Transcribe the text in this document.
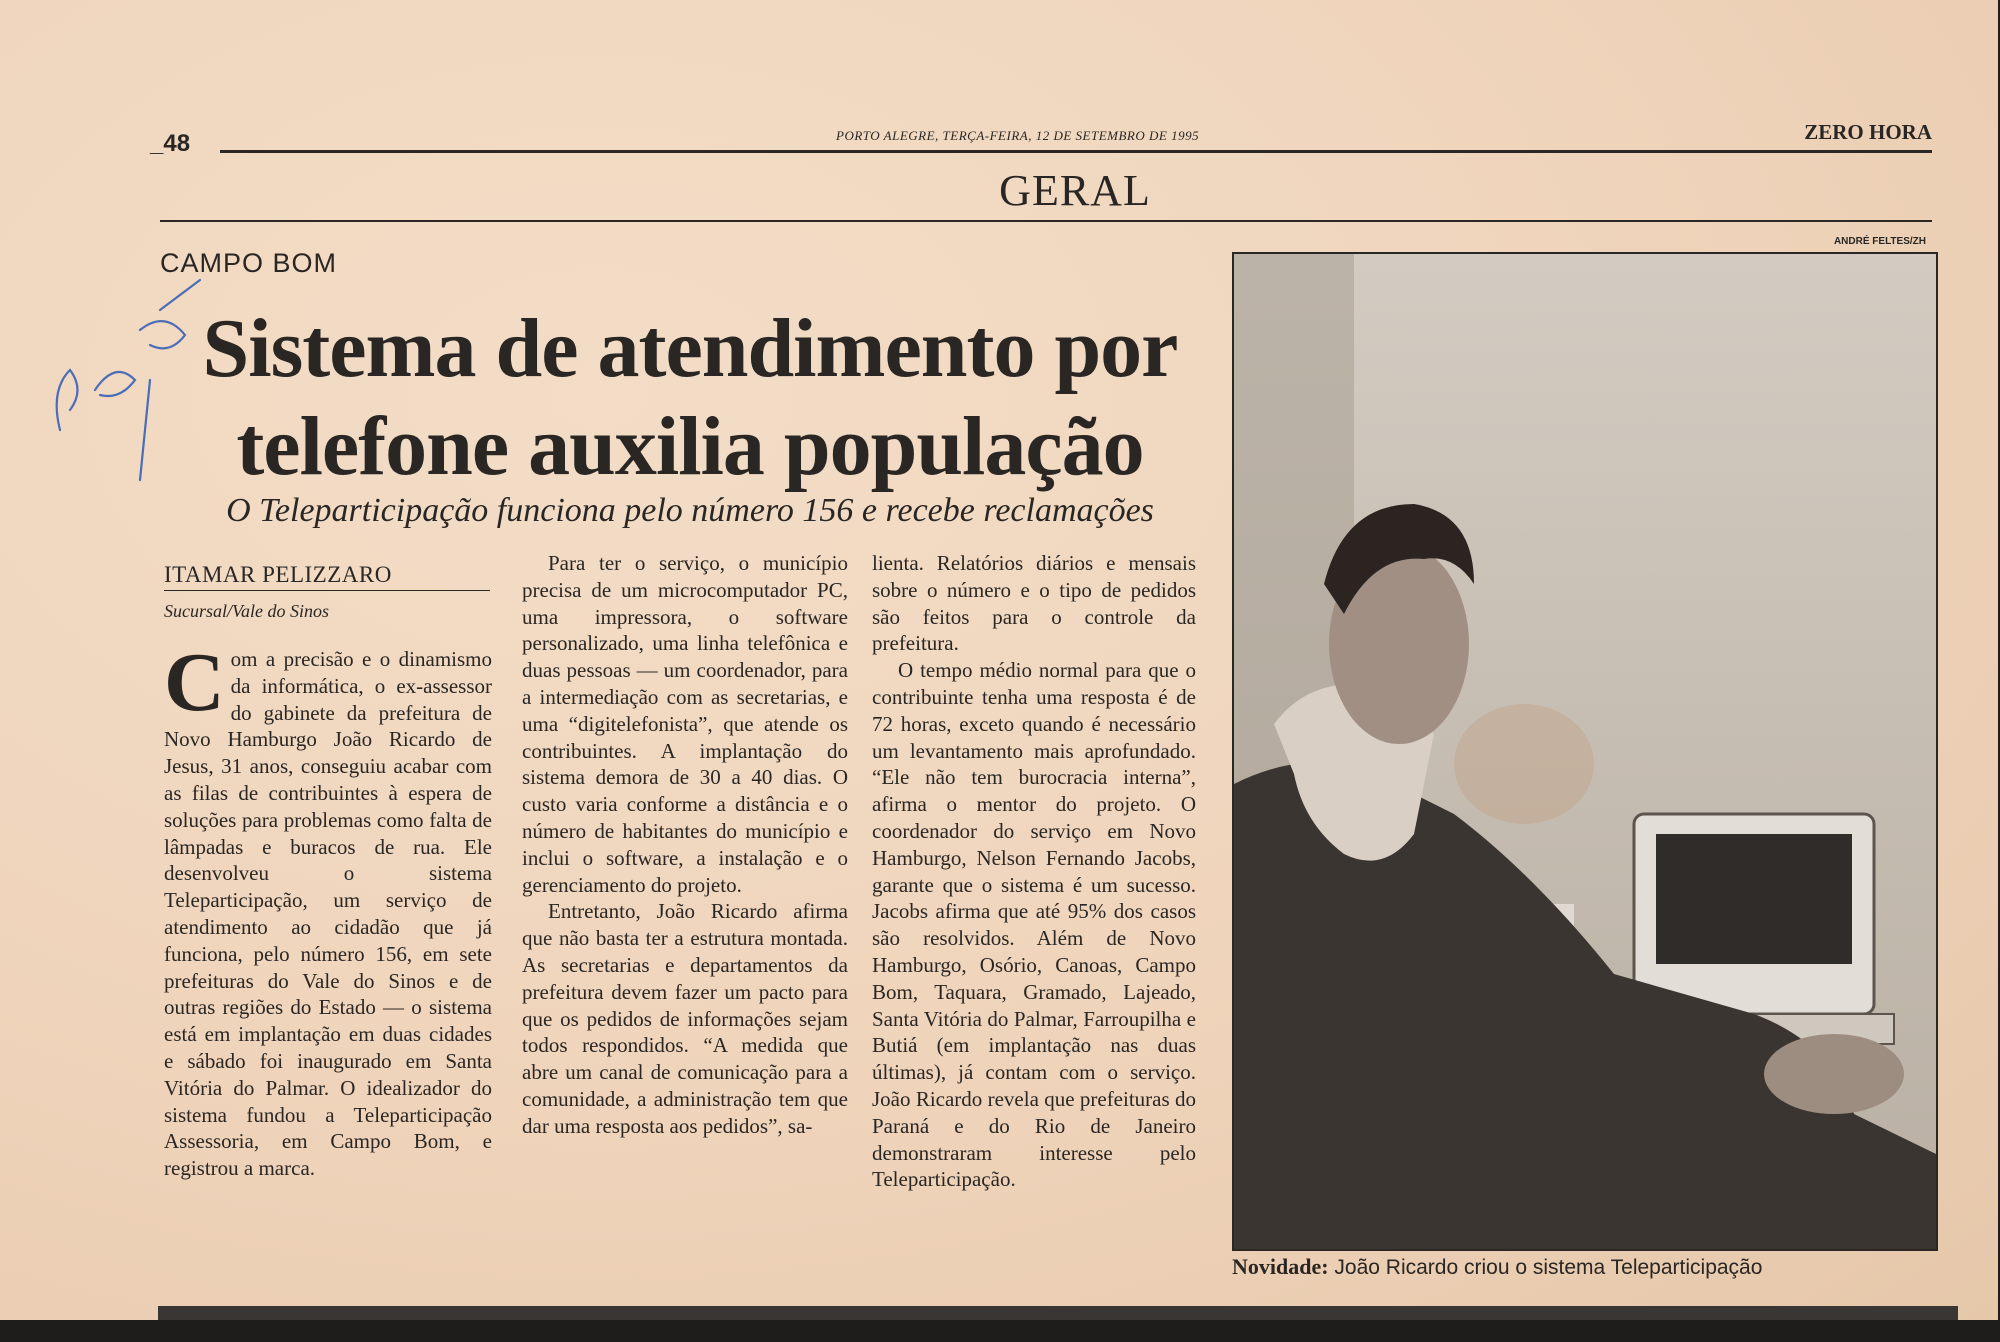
_48	PORTO ALEGRE, TERÇA-FEIRA, 12 DE SETEMBRO DE 1995	ZERO HORA
GERAL
ANDRÉ FELTES/ZH
CAMPO BOM
Sistema de atendimento por
telefone auxilia população
O Teleparticipação funciona pelo número 156 e recebe reclamações
ITAMAR PELIZZARO
Sucursal/Vale do Sinos
C om a precisão e o dinamismo da informática, o ex-assessor do gabinete da prefeitura de Novo Hamburgo João Ricardo de Jesus, 31 anos, conseguiu acabar com as filas de contribuintes à espera de soluções para problemas como falta de lâmpadas e buracos de rua. Ele desenvolveu o sistema Teleparticipação, um serviço de atendimento ao cidadão que já funciona, pelo número 156, em sete prefeituras do Vale do Sinos e de outras regiões do Estado — o sistema está em implantação em duas cidades e sábado foi inaugurado em Santa Vitória do Palmar. O idealizador do sistema fundou a Teleparticipação Assessoria, em Campo Bom, e registrou a marca.

Para ter o serviço, o município precisa de um microcomputador PC, uma impressora, o software personalizado, uma linha telefônica e duas pessoas — um coordenador, para a intermediação com as secretarias, e uma “digitelefonista”, que atende os contribuintes. A implantação do sistema demora de 30 a 40 dias. O custo varia conforme a distância e o número de habitantes do município e inclui o software, a instalação e o gerenciamento do projeto.

Entretanto, João Ricardo afirma que não basta ter a estrutura montada. As secretarias e departamentos da prefeitura devem fazer um pacto para que os pedidos de informações sejam todos respondidos. “A medida que abre um canal de comunicação para a comunidade, a administração tem que dar uma resposta aos pedidos”, sa-

lienta. Relatórios diários e mensais sobre o número e o tipo de pedidos são feitos para o controle da prefeitura.

O tempo médio normal para que o contribuinte tenha uma resposta é de 72 horas, exceto quando é necessário um levantamento mais aprofundado. “Ele não tem burocracia interna”, afirma o mentor do projeto. O coordenador do serviço em Novo Hamburgo, Nelson Fernando Jacobs, garante que o sistema é um sucesso. Jacobs afirma que até 95% dos casos são resolvidos. Além de Novo Hamburgo, Osório, Canoas, Campo Bom, Taquara, Gramado, Lajeado, Santa Vitória do Palmar, Farroupilha e Butiá (em implantação nas duas últimas), já contam com o serviço. João Ricardo revela que prefeituras do Paraná e do Rio de Janeiro demonstraram interesse pelo Teleparticipação.

Novidade: João Ricardo criou o sistema Teleparticipação
